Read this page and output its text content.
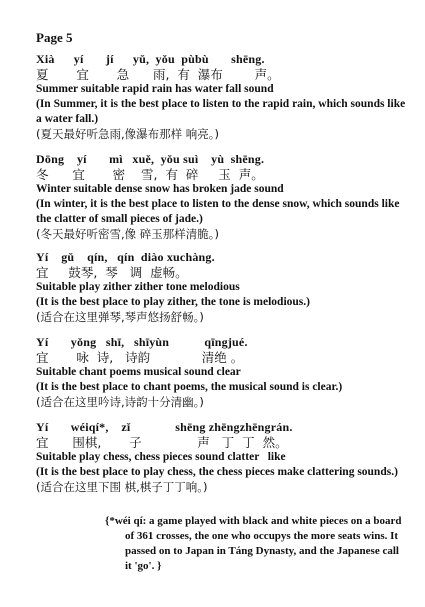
Page 5
Xià      yí       jí      yǔ,  yǒu  pùbù       shēng.
夏       宜       急      雨,  有  瀑布        声。
Summer suitable rapid rain has water fall sound
(In Summer, it is the best place to listen to the rapid rain, which sounds like a water fall.)
(夏天最好听急雨,像瀑布那样 响亮。)
Dōng    yí       mì   xuě,  yǒu suì    yù  shēng.
冬      宜       密    雪,  有  碎     玉  声。
Winter suitable dense snow has broken jade sound
(In winter, it is the best place to listen to the dense snow, which sounds like the clatter of small pieces of jade.)
(冬天最好听密雪,像 碎玉那样清脆。)
Yí    gǔ    qín,   qín  diào xuchàng.
宜     鼓琴,  琴   调  虚畅。
Suitable play zither zither tone melodious
(It is the best place to play zither, the tone is melodious.)
(适合在这里弹琴,琴声悠扬舒畅。)
Yí       yǒng   shī,   shīyùn           qīngjué.
宜       咏  诗,   诗韵             清绝 。
Suitable chant poems musical sound clear
(It is the best place to chant poems, the musical sound is clear.)
(适合在这里吟诗,诗韵十分清幽。)
Yí       wéiqí*,    zǐ              shēng zhēngzhēngrán.
宜      围棋,       子              声   丁  丁  然。
Suitable play chess, chess pieces sound clatter   like
(It is the best place to play chess, the chess pieces make clattering sounds.)
(适合在这里下围 棋,棋子丁丁响。)
{*wéi qí: a game played with black and white pieces on a board of 361 crosses, the one who occupys the more seats wins. It passed on to Japan in Táng Dynasty, and the Japanese call it 'go'. }
